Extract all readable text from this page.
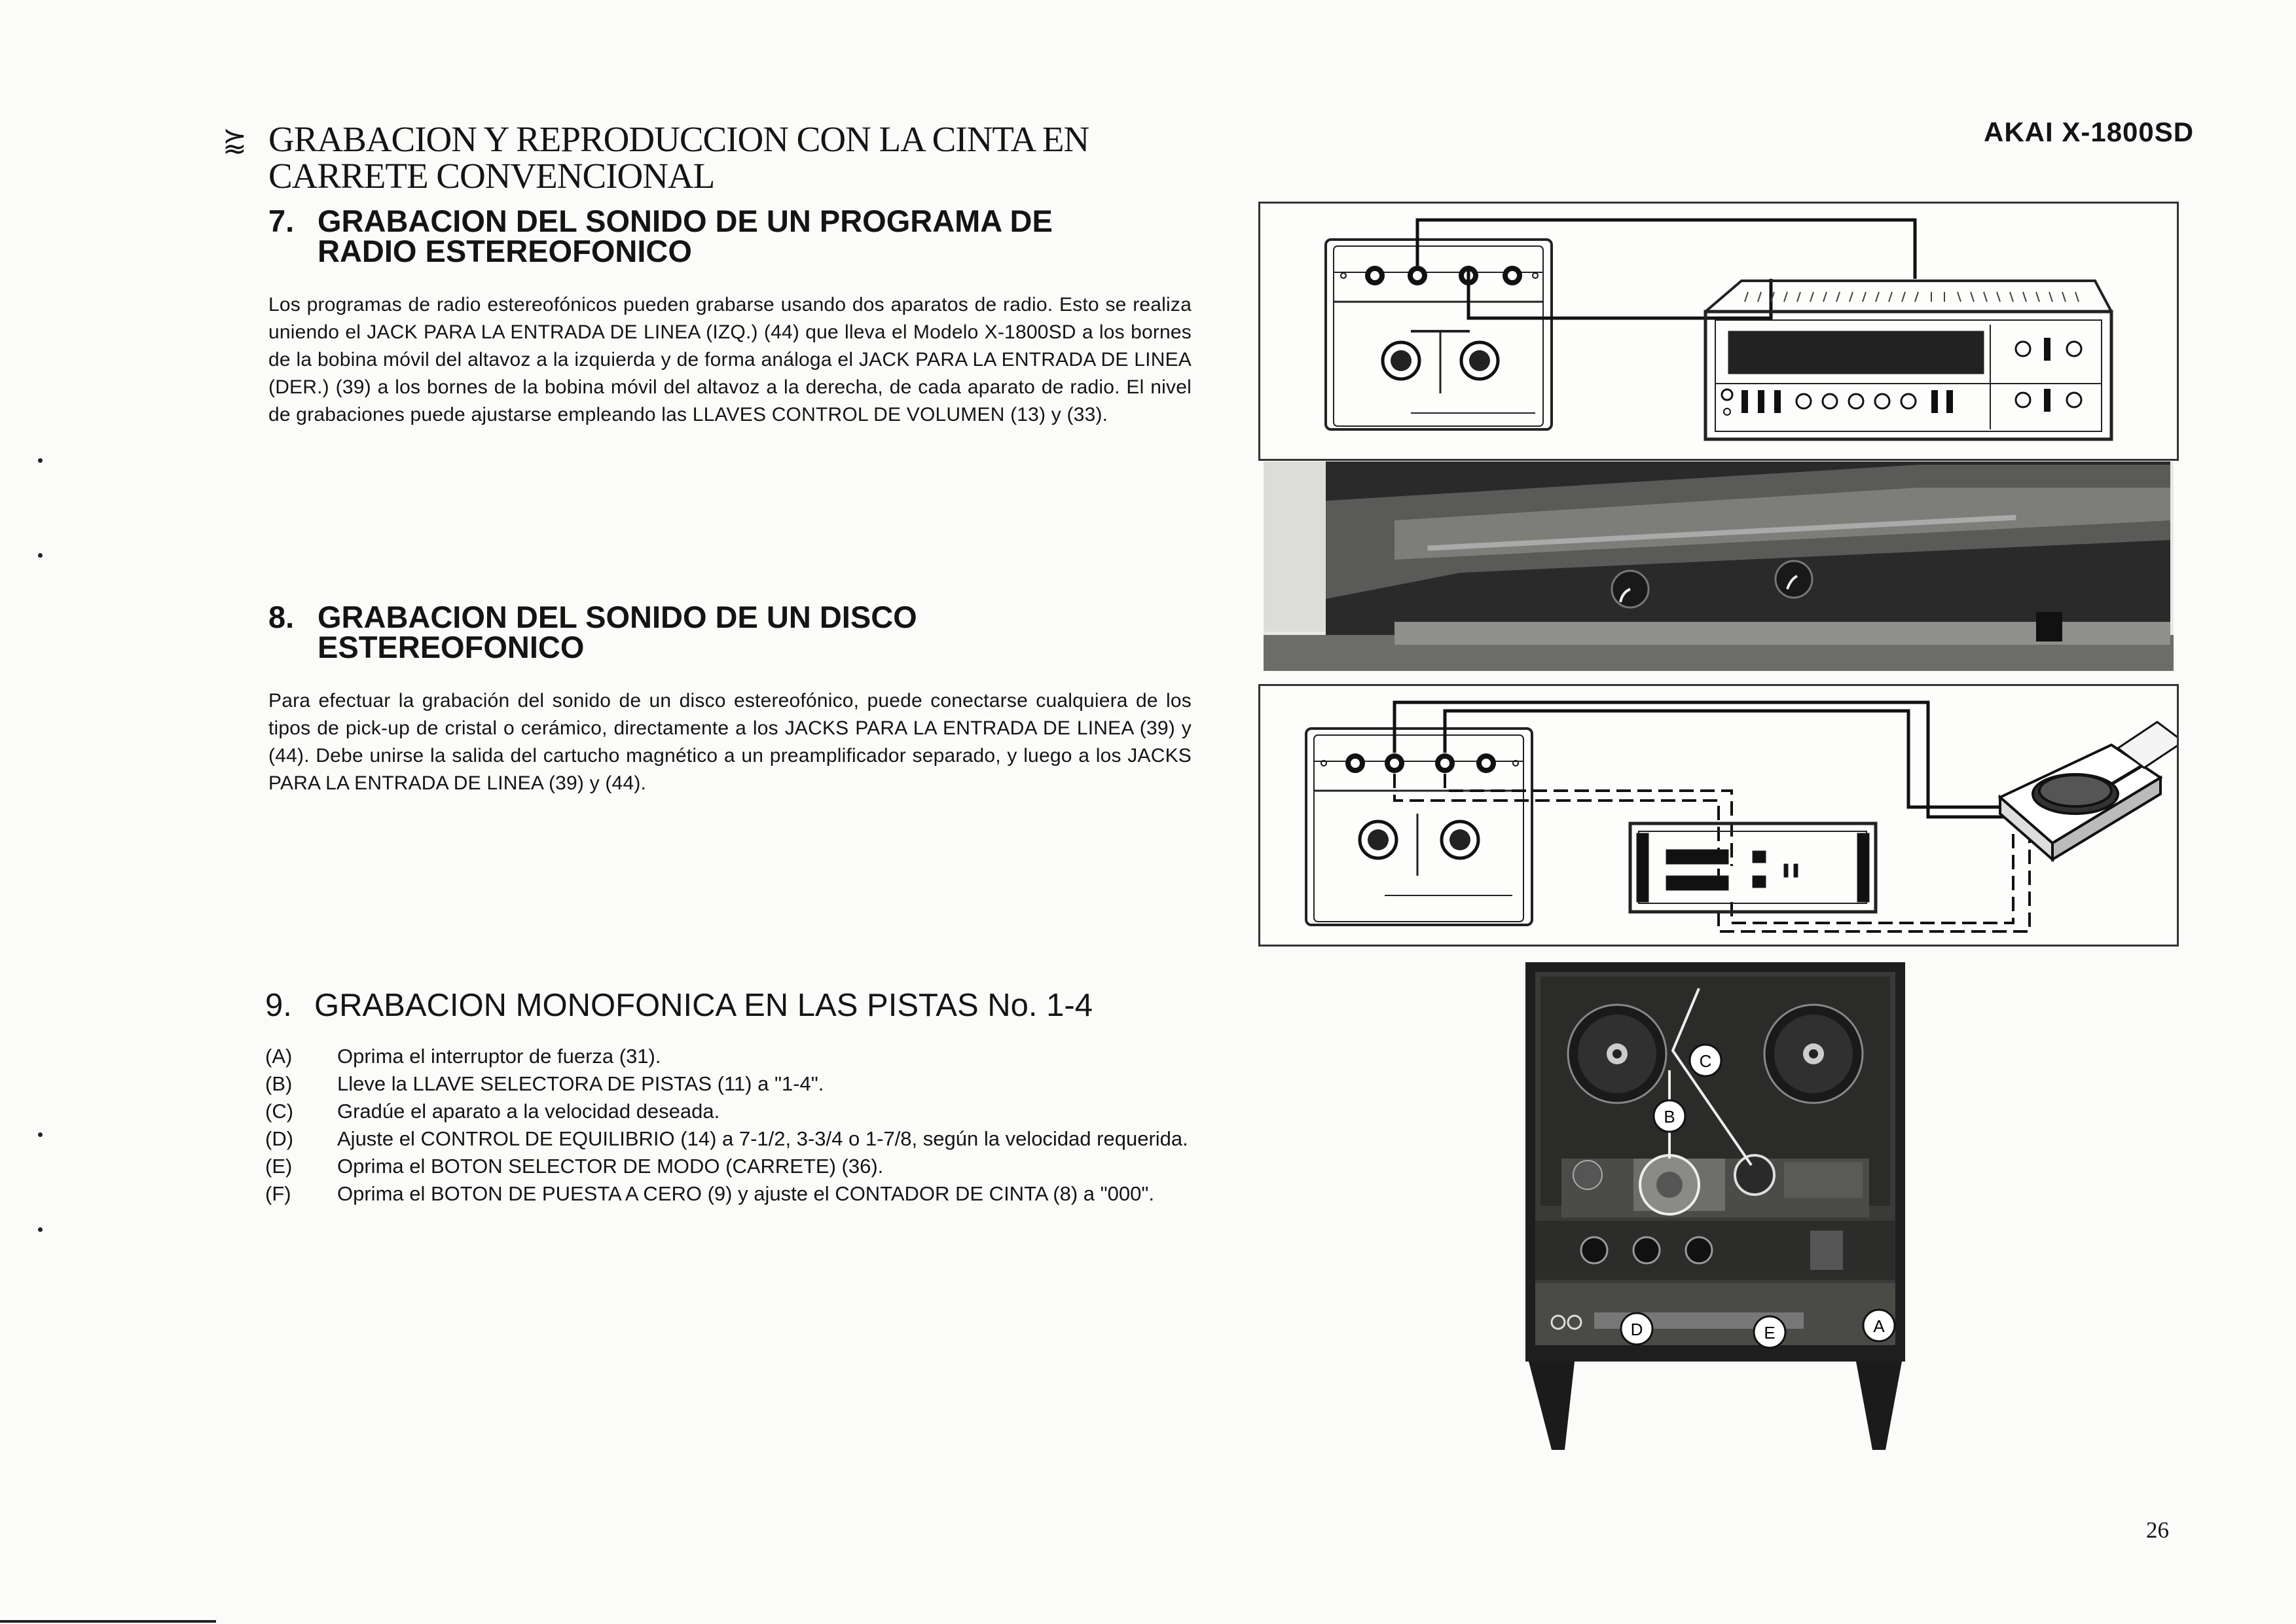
⪸ GRABACION Y REPRODUCCION CON LA CINTA EN
CARRETE CONVENCIONAL
AKAI X-1800SD
7. GRABACION DEL SONIDO DE UN PROGRAMA DE
RADIO ESTEREOFONICO
Los programas de radio estereofónicos pueden grabarse usando dos aparatos de radio. Esto se realiza uniendo el JACK PARA LA ENTRADA DE LINEA (IZQ.) (44) que lleva el Modelo X-1800SD a los bornes de la bobina móvil del altavoz a la izquierda y de forma análoga el JACK PARA LA ENTRADA DE LINEA (DER.) (39) a los bornes de la bobina móvil del altavoz a la derecha, de cada aparato de radio. El nivel de grabaciones puede ajustarse empleando las LLAVES CONTROL DE VOLUMEN (13) y (33).
8. GRABACION DEL SONIDO DE UN DISCO
ESTEREOFONICO
Para efectuar la grabación del sonido de un disco estereofónico, puede conectarse cualquiera de los tipos de pick-up de cristal o cerámico, directamente a los JACKS PARA LA ENTRADA DE LINEA (39) y (44). Debe unirse la salida del cartucho magnético a un preamplificador separado, y luego a los JACKS PARA LA ENTRADA DE LINEA (39) y (44).
9. GRABACION MONOFONICA EN LAS PISTAS No. 1-4
(A) Oprima el interruptor de fuerza (31).
(B) Lleve la LLAVE SELECTORA DE PISTAS (11) a "1-4".
(C) Gradúe el aparato a la velocidad deseada.
(D) Ajuste el CONTROL DE EQUILIBRIO (14) a 7-1/2, 3-3/4 o 1-7/8, según la velocidad requerida.
(E) Oprima el BOTON SELECTOR DE MODO (CARRETE) (36).
(F) Oprima el BOTON DE PUESTA A CERO (9) y ajuste el CONTADOR DE CINTA (8) a "000".
C
B
D	E	A
26
